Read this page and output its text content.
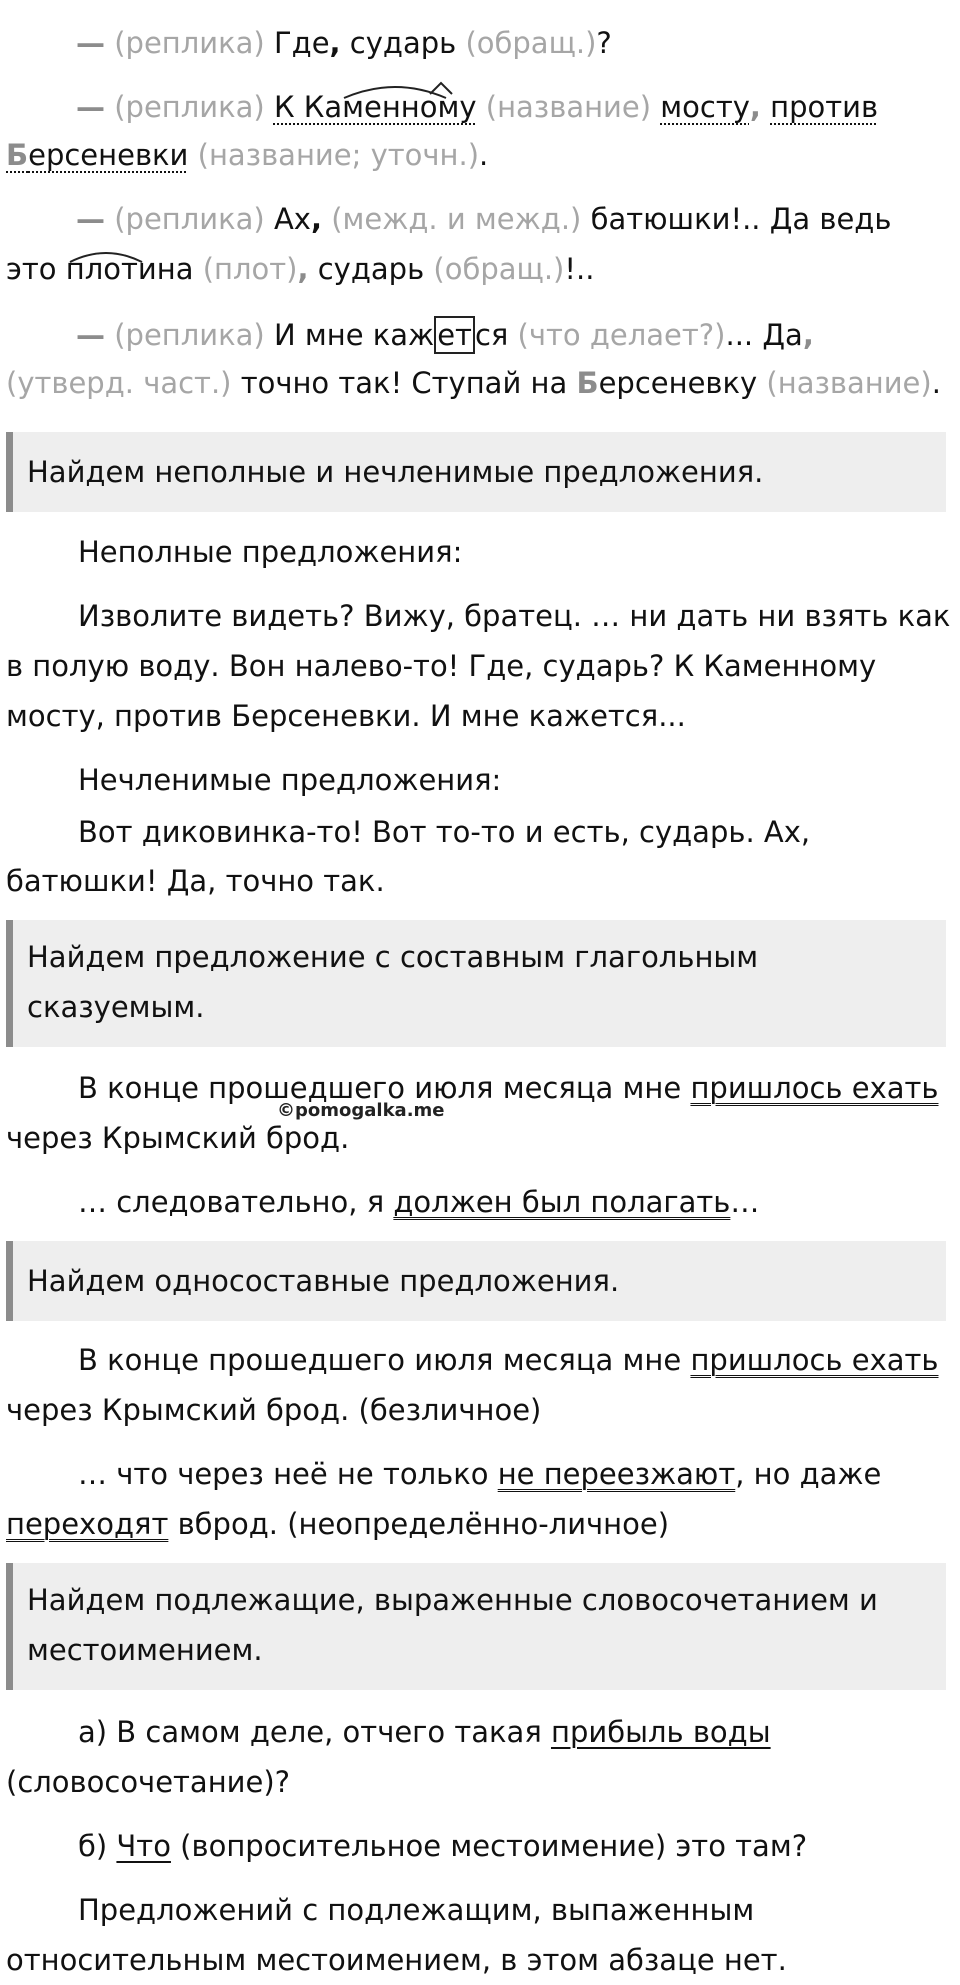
— (реплика) Где, сударь (обращ.)?
— (реплика) К Каменному (название) мосту, против
Берсеневки (название; уточн.).
— (реплика) Ах, (межд. и межд.) батюшки!.. Да ведь
это плотина (плот), сударь (обращ.)!..
— (реплика) И мне каж ет ся (что делает?)... Да,
(утверд. част.) точно так! Ступай на Берсеневку (название).
Найдем неполные и нечленимые предложения.
Неполные предложения:
Изволите видеть? Вижу, братец. … ни дать ни взять как
в полую воду. Вон налево-то! Где, сударь? К Каменному
мосту, против Берсеневки. И мне кажется...
Нечленимые предложения:
Вот диковинка-то! Вот то-то и есть, сударь. Ах,
батюшки! Да, точно так.
Найдем предложение с составным глагольным
сказуемым.
В конце прошедшего июля месяца мне пришлось ехать
через Крымский брод.
… следовательно, я должен был полагать…
©pomogalka.me
Найдем односоставные предложения.
В конце прошедшего июля месяца мне пришлось ехать
через Крымский брод. (безличное)
… что через неё не только не переезжают, но даже
переходят вброд. (неопределённо-личное)
Найдем подлежащие, выраженные словосочетанием и
местоимением.
а) В самом деле, отчего такая прибыль воды
(словосочетание)?
б) Что (вопросительное местоимение) это там?
Предложений с подлежащим, выпаженным
относительным местоимением, в этом абзаце нет.
